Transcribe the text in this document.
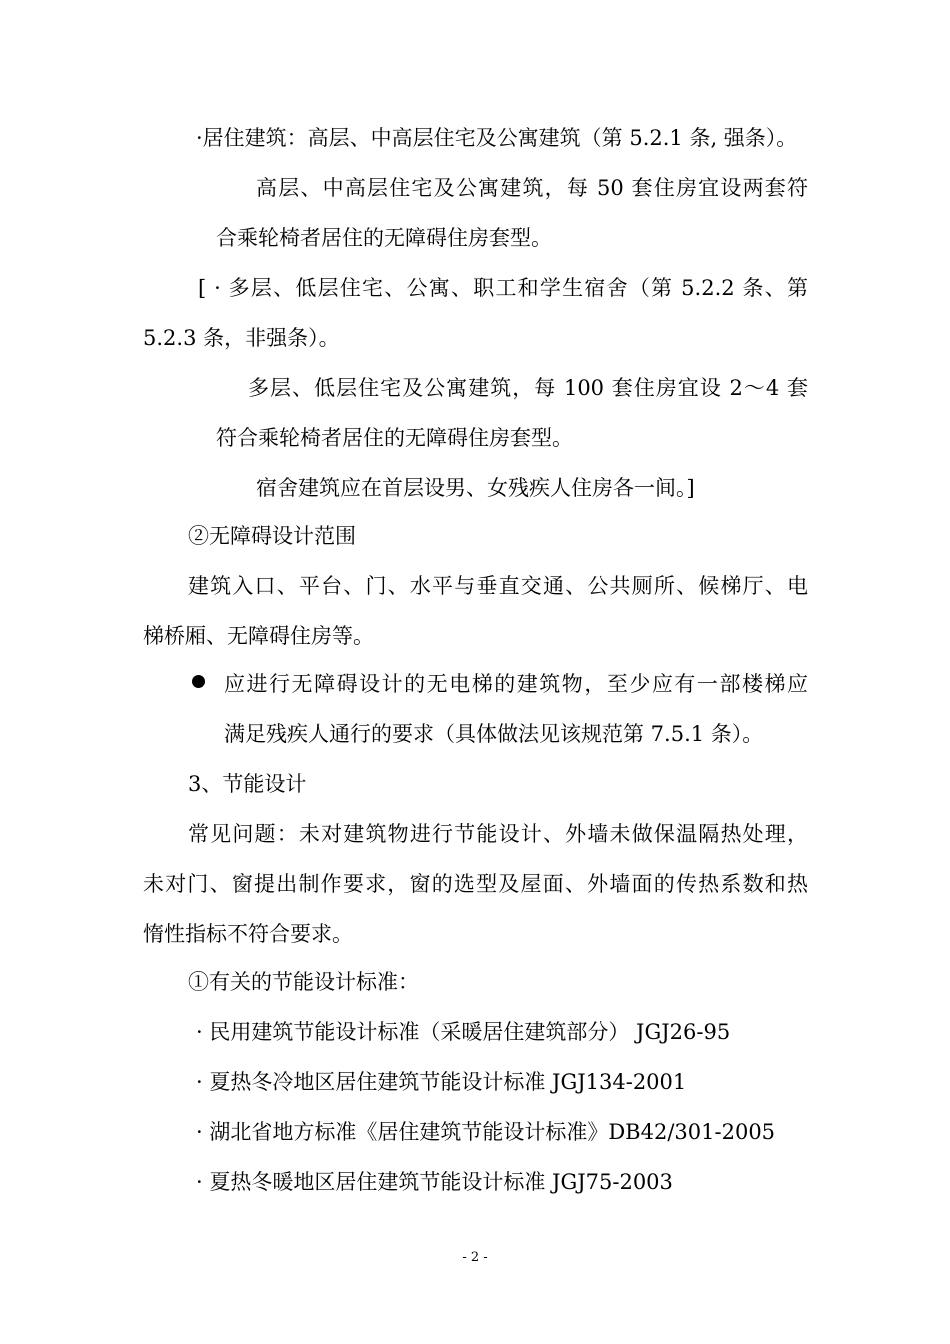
·居住建筑：高层、中高层住宅及公寓建筑（第 5.2.1 条, 强条）。
高层、中高层住宅及公寓建筑，每 50 套住房宜设两套符
合乘轮椅者居住的无障碍住房套型。
[ · 多层、低层住宅、公寓、职工和学生宿舍（第 5.2.2 条、第
5.2.3 条，非强条）。
多层、低层住宅及公寓建筑，每 100 套住房宜设 2～4 套
符合乘轮椅者居住的无障碍住房套型。
宿舍建筑应在首层设男、女残疾人住房各一间。]
②无障碍设计范围
建筑入口、平台、门、水平与垂直交通、公共厕所、候梯厅、电
梯桥厢、无障碍住房等。
应进行无障碍设计的无电梯的建筑物，至少应有一部楼梯应
满足残疾人通行的要求（具体做法见该规范第 7.5.1 条）。
3、节能设计
常见问题：未对建筑物进行节能设计、外墙未做保温隔热处理，
未对门、窗提出制作要求，窗的选型及屋面、外墙面的传热系数和热
惰性指标不符合要求。
①有关的节能设计标准：
· 民用建筑节能设计标准（采暖居住建筑部分） JGJ26-95
· 夏热冬冷地区居住建筑节能设计标准 JGJ134-2001
· 湖北省地方标准《居住建筑节能设计标准》DB42/301-2005
· 夏热冬暖地区居住建筑节能设计标准 JGJ75-2003
- 2 -
